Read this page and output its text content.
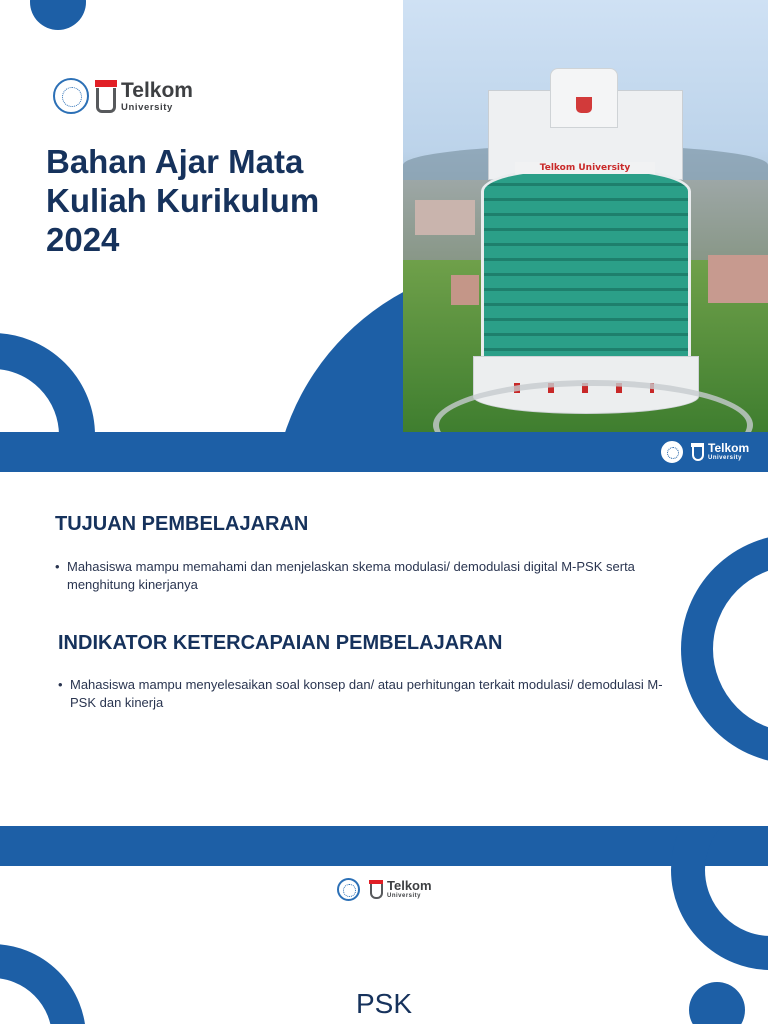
Telkom
University
Bahan Ajar Mata
Kuliah Kurikulum
2024
Telkom University
Telkom
University
TUJUAN PEMBELAJARAN
• Mahasiswa mampu memahami dan menjelaskan skema modulasi/ demodulasi digital M-PSK serta
menghitung kinerjanya
INDIKATOR KETERCAPAIAN PEMBELAJARAN
• Mahasiswa mampu menyelesaikan soal konsep dan/ atau perhitungan terkait modulasi/ demodulasi M-
PSK dan kinerja
Telkom
University
PSK
